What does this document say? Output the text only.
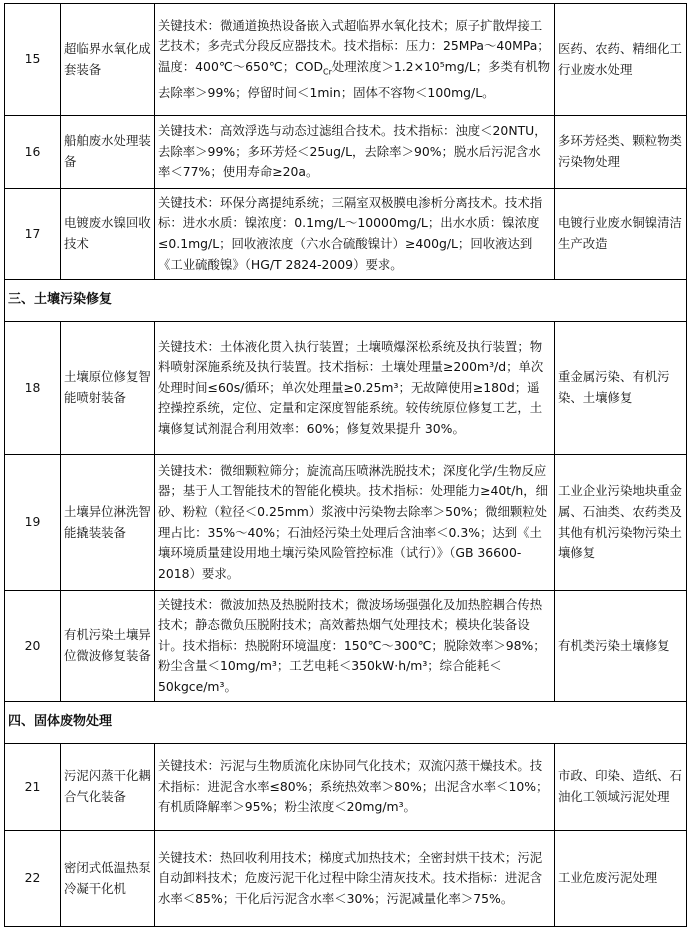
15	超临界水氧化成套装备	关键技术：微通道换热设备嵌入式超临界水氧化技术；原子扩散焊接工艺技术；多壳式分段反应器技术。技术指标：压力：25MPa～40MPa；温度：400℃～650℃；$COD_{Cr}$处理浓度＞1.2×10⁵mg/L；多类有机物去除率＞99%；停留时间＜1min；固体不容物＜100mg/L。	医药、农药、精细化工行业废水处理
16	船舶废水处理装备	关键技术：高效浮选与动态过滤组合技术。技术指标：浊度＜20NTU，去除率＞99%；多环芳烃＜25ug/L，去除率＞90%；脱水后污泥含水率＜77%；使用寿命≥20a。	多环芳烃类、颗粒物类污染物处理
17	电镀废水镍回收技术	关键技术：环保分离提纯系统；三隔室双极膜电渗析分离技术。技术指标：进水水质：镍浓度：0.1mg/L～10000mg/L；出水水质：镍浓度≤0.1mg/L；回收液浓度（六水合硫酸镍计）≥400g/L；回收液达到《工业硫酸镍》（HG/T 2824-2009）要求。	电镀行业废水铜镍清洁生产改造
三、土壤污染修复			
18	土壤原位修复智能喷射装备	关键技术：土体液化贯入执行装置；土壤喷爆深松系统及执行装置；物料喷射深施系统及执行装置。技术指标：土壤处理量≥200m³/d；单次处理时间≤60s/循环；单次处理量≥0.25m³；无故障使用≥180d；遥控操控系统，定位、定量和定深度智能系统。较传统原位修复工艺，土壤修复试剂混合利用效率：60%；修复效果提升 30%。	重金属污染、有机污染、土壤修复
19	土壤异位淋洗智能撬装装备	关键技术：微细颗粒筛分；旋流高压喷淋洗脱技术；深度化学/生物反应器；基于人工智能技术的智能化模块。技术指标：处理能力≥40t/h，细砂、粉粒（粒径＜0.25mm）浆液中污染物去除率＞50%；微细颗粒处理占比：35%～40%；石油烃污染土处理后含油率＜0.3%；达到《土壤环境质量建设用地土壤污染风险管控标准（试行）》（GB 36600-2018）要求。	工业企业污染地块重金属、石油类、农药类及其他有机污染物污染土壤修复
20	有机污染土壤异位微波修复装备	关键技术：微波加热及热脱附技术；微波场场强强化及加热腔耦合传热技术；静态微负压脱附技术；高效蓄热烟气处理技术；模块化装备设计。技术指标：热脱附环境温度：150℃～300℃；脱除效率＞98%；粉尘含量＜10mg/m³；工艺电耗＜350kW·h/m³；综合能耗＜50kgce/m³。	有机类污染土壤修复
四、固体废物处理			
21	污泥闪蒸干化耦合气化装备	关键技术：污泥与生物质流化床协同气化技术；双流闪蒸干燥技术。技术指标：进泥含水率≤80%；系统热效率＞80%；出泥含水率＜10%；有机质降解率＞95%；粉尘浓度＜20mg/m³。	市政、印染、造纸、石油化工领域污泥处理
22	密闭式低温热泵冷凝干化机	关键技术：热回收利用技术；梯度式加热技术；全密封烘干技术；污泥自动卸料技术；危废污泥干化过程中除尘清灰技术。技术指标：进泥含水率＜85%；干化后污泥含水率＜30%；污泥减量化率＞75%。	工业危废污泥处理
